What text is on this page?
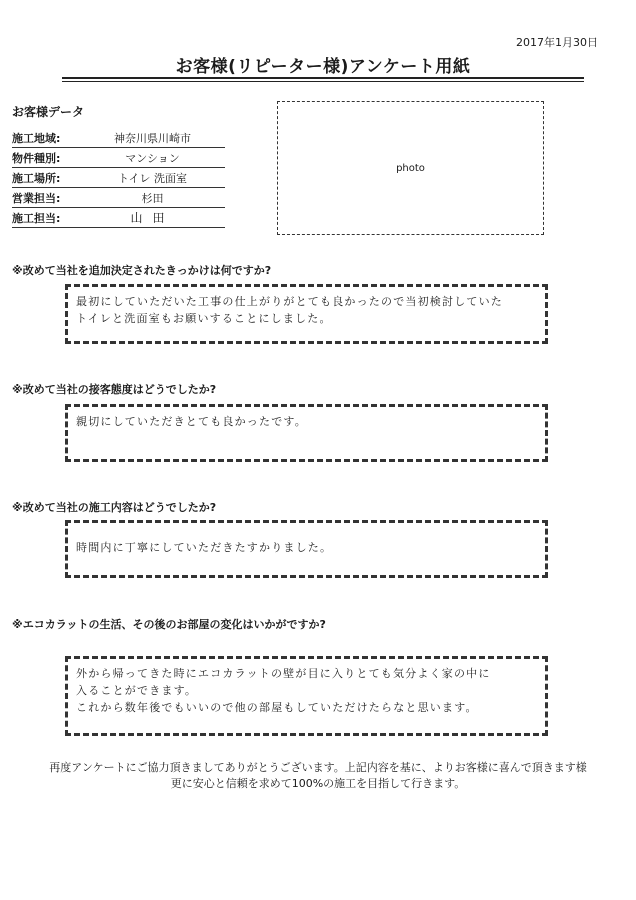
2017年1月30日
お客様(リピーター様)アンケート用紙
お客様データ
施工地域:	神奈川県川崎市
物件種別:	マンション
施工場所:	トイレ 洗面室
営業担当:	杉田
施工担当:	山田
photo
※改めて当社を追加決定されたきっかけは何ですか?
最初にしていただいた工事の仕上がりがとても良かったので当初検討していた
トイレと洗面室もお願いすることにしました。
※改めて当社の接客態度はどうでしたか?
親切にしていただきとても良かったです。
※改めて当社の施工内容はどうでしたか?
時間内に丁寧にしていただきたすかりました。
※エコカラットの生活、その後のお部屋の変化はいかがですか?
外から帰ってきた時にエコカラットの壁が目に入りとても気分よく家の中に
入ることができます。
これから数年後でもいいので他の部屋もしていただけたらなと思います。
再度アンケートにご協力頂きましてありがとうございます。上記内容を基に、よりお客様に喜んで頂きます様
更に安心と信頼を求めて100%の施工を目指して行きます。
